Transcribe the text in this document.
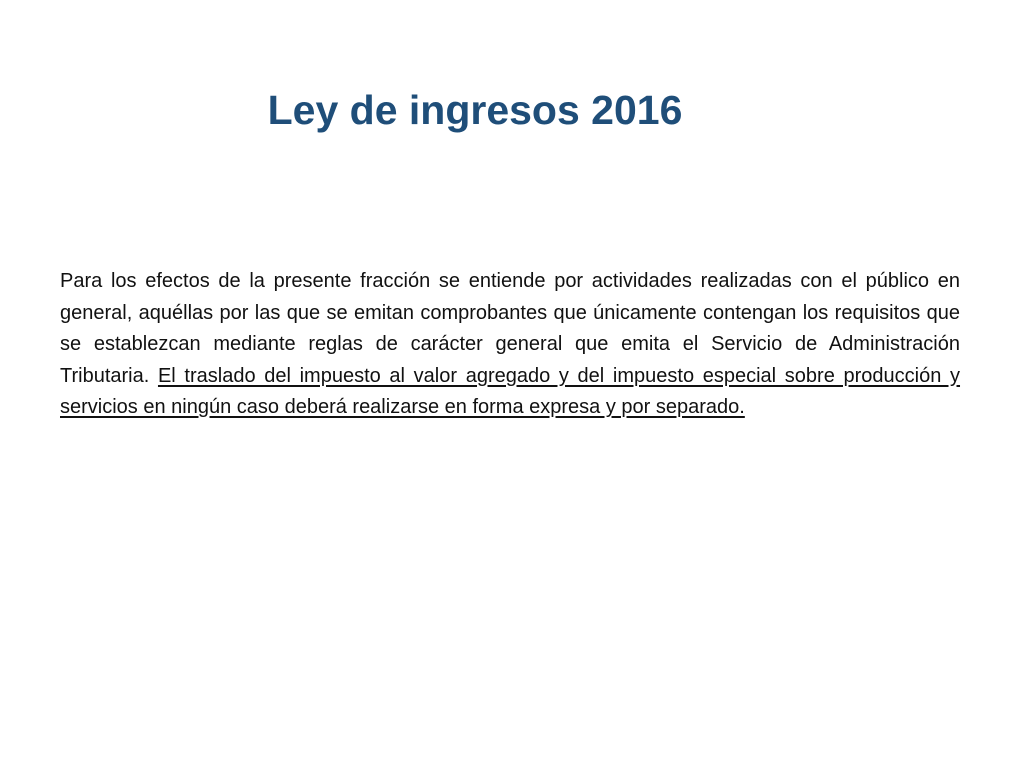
Ley de ingresos 2016

Para los efectos de la presente fracción se entiende por actividades realizadas con el público en general, aquéllas por las que se emitan comprobantes que únicamente contengan los requisitos que se establezcan mediante reglas de carácter general que emita el Servicio de Administración Tributaria. El traslado del impuesto al valor agregado y del impuesto especial sobre producción y servicios en ningún caso deberá realizarse en forma expresa y por separado.
